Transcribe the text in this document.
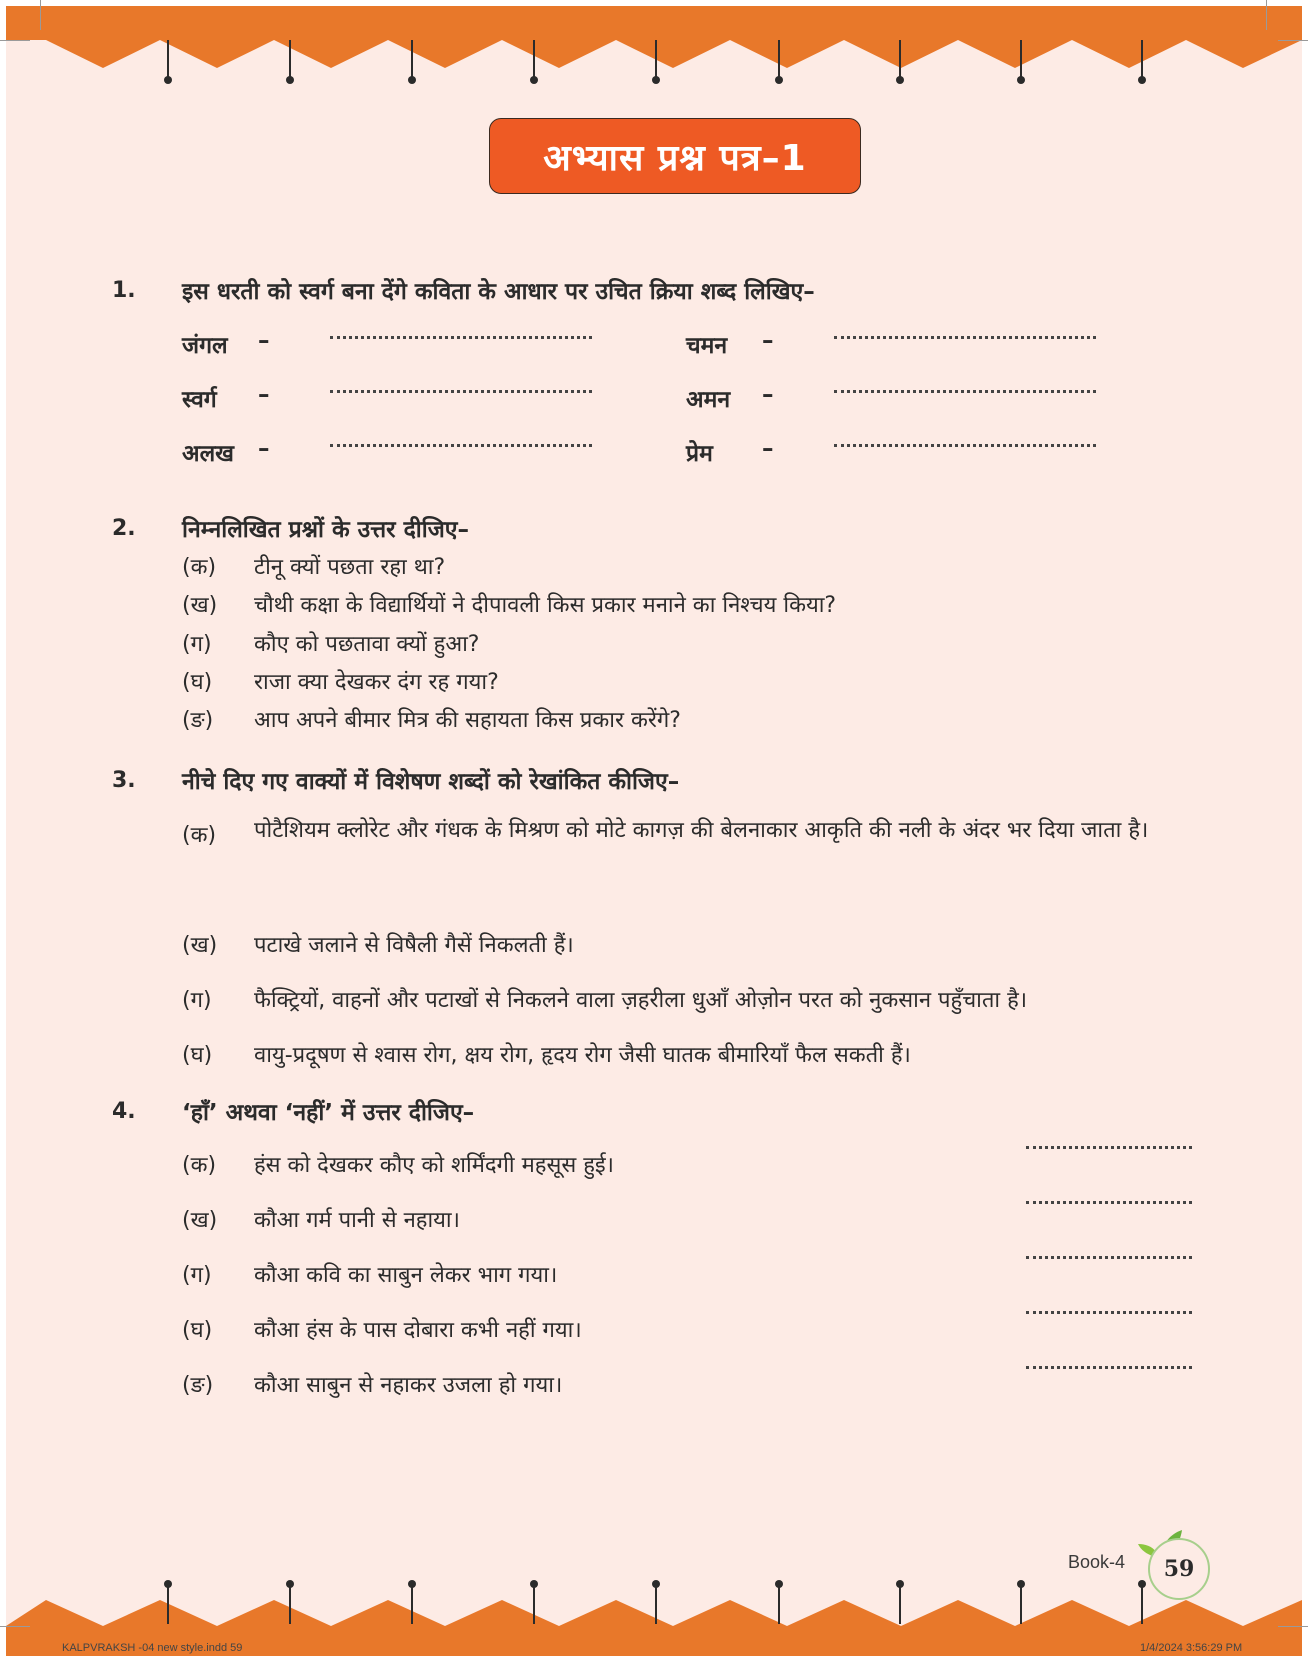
अभ्यास प्रश्न पत्र–1
1. इस धरती को स्वर्ग बना देंगे कविता के आधार पर उचित क्रिया शब्द लिखिए–
जंगल –	चमन –
स्वर्ग –	अमन –
अलख –	प्रेम –
2. निम्नलिखित प्रश्नों के उत्तर दीजिए–
(क) टीनू क्यों पछता रहा था?
(ख) चौथी कक्षा के विद्यार्थियों ने दीपावली किस प्रकार मनाने का निश्चय किया?
(ग) कौए को पछतावा क्यों हुआ?
(घ) राजा क्या देखकर दंग रह गया?
(ङ) आप अपने बीमार मित्र की सहायता किस प्रकार करेंगे?
3. नीचे दिए गए वाक्यों में विशेषण शब्दों को रेखांकित कीजिए–
(क) पोटैशियम क्लोरेट और गंधक के मिश्रण को मोटे कागज़ की बेलनाकार आकृति की नली के अंदर भर दिया जाता है।
(ख) पटाखे जलाने से विषैली गैसें निकलती हैं।
(ग) फैक्ट्रियों, वाहनों और पटाखों से निकलने वाला ज़हरीला धुआँ ओज़ोन परत को नुकसान पहुँचाता है।
(घ) वायु-प्रदूषण से श्वास रोग, क्षय रोग, हृदय रोग जैसी घातक बीमारियाँ फैल सकती हैं।
4. ‘हाँ’ अथवा ‘नहीं’ में उत्तर दीजिए–
(क) हंस को देखकर कौए को शर्मिंदगी महसूस हुई।
(ख) कौआ गर्म पानी से नहाया।
(ग) कौआ कवि का साबुन लेकर भाग गया।
(घ) कौआ हंस के पास दोबारा कभी नहीं गया।
(ङ) कौआ साबुन से नहाकर उजला हो गया।
Book-4 59
KALPVRAKSH -04 new style.indd 59	1/4/2024 3:56:29 PM
